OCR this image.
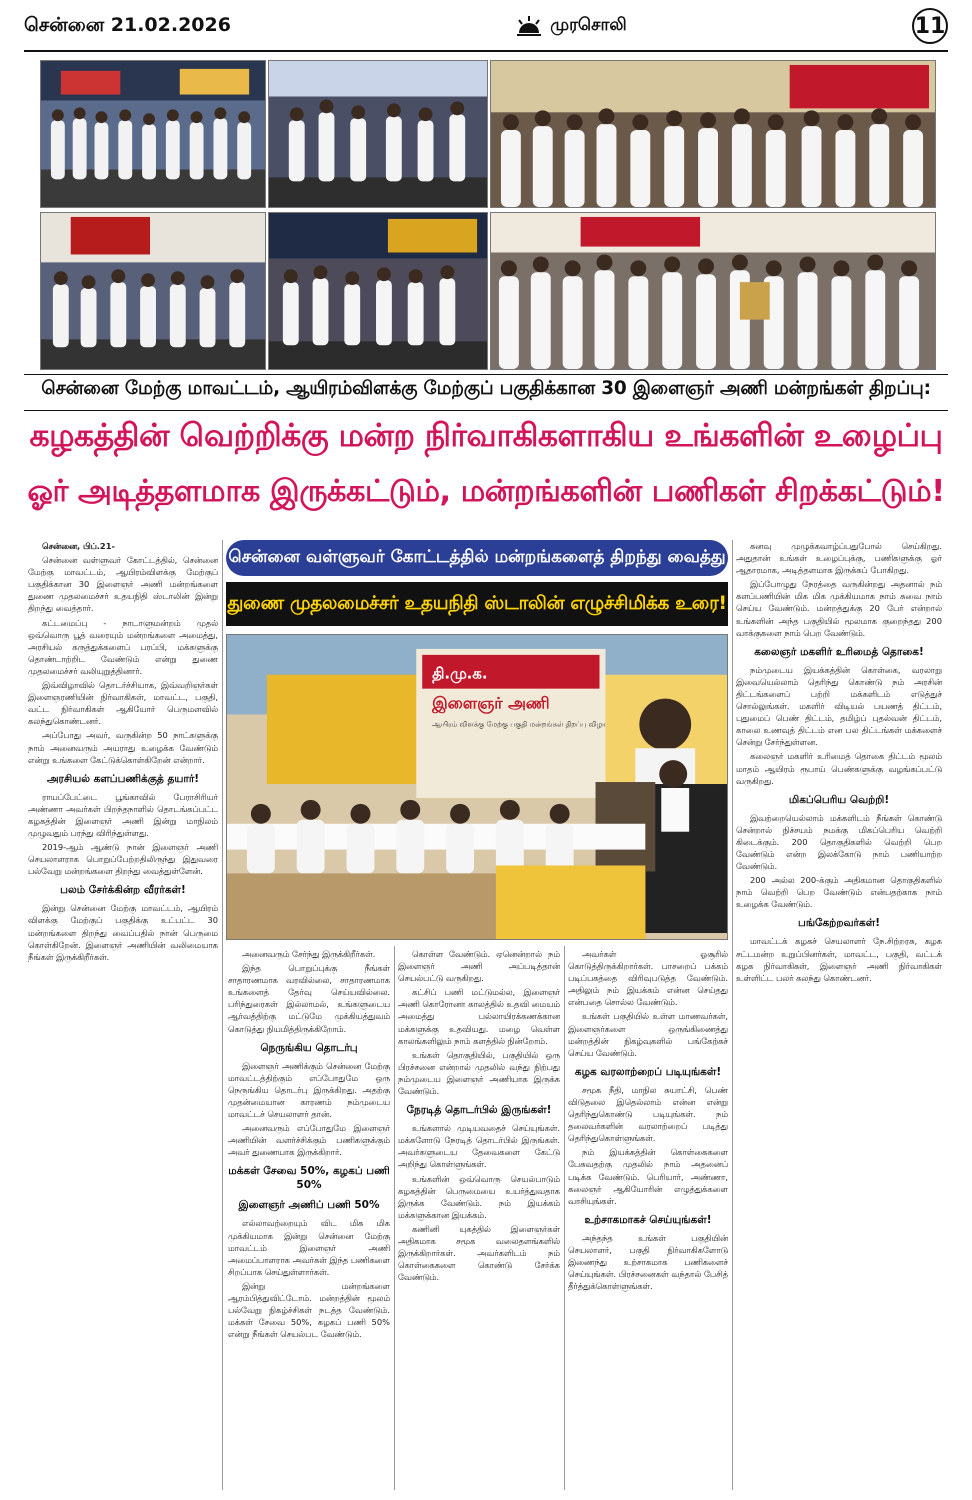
சென்னை 21.02.2026	முரசொலி	11
சென்னை மேற்கு மாவட்டம், ஆயிரம்விளக்கு மேற்குப் பகுதிக்கான 30 இளைஞர் அணி மன்றங்கள் திறப்பு:
கழகத்தின் வெற்றிக்கு மன்ற நிர்வாகிகளாகிய உங்களின் உழைப்பு
ஓர் அடித்தளமாக இருக்கட்டும், மன்றங்களின் பணிகள் சிறக்கட்டும்!
சென்னை வள்ளுவர் கோட்டத்தில் மன்றங்களைத் திறந்து வைத்து
துணை முதலமைச்சர் உதயநிதி ஸ்டாலின் எழுச்சிமிக்க உரை!
தி.மு.க.
இளைஞர் அணி
ஆயிரம் விளக்கு மேற்கு பகுதி மன்றங்கள் திறப்பு விழா

சென்னை, பிப்.21-

சென்னை வள்ளுவர் கோட்டத்தில், சென்னை மேற்கு மாவட்டம், ஆயிரம்விளக்கு மேற்குப் பகுதிக்கான 30 இளைஞர் அணி மன்றங்களை துணை முதலமைச்சர் உதயநிதி ஸ்டாலின் இன்று திறந்து வைத்தார்.

கட்டமைப்பு - நாடாளுமன்றம் முதல் ஒவ்வொரு பூத் வரையும் மன்றங்களை அமைத்து, அரசியல் கருத்துக்களைப் பரப்பி, மக்களுக்கு தொண்டாற்றிட வேண்டும் என்று துணை முதலமைச்சர் வலியுறுத்தினார்.

இவ்விழாவில் தொடர்ச்சியாக, இவ்வறிஞர்கள் இளைஞரணியின் நிர்வாகிகள், மாவட்ட, பகுதி, வட்ட நிர்வாகிகள் ஆகியோர் பெருமளவில் கலந்துகொண்டனர்.

அப்போது அவர், வருகின்ற 50 நாட்களுக்கு நாம் அனைவரும் அயராது உழைக்க வேண்டும் என்று உங்களை கேட்டுக்கொள்கிறேன் என்றார்.

அரசியல் களப்பணிக்குத் தயார்!

ராயப்பேட்டை பூங்காவில் பேராசிரியர் அண்ணா அவர்கள் பிறந்தநாளில் தொடங்கப்பட்ட கழகத்தின் இளைஞர் அணி இன்று மாநிலம் முழுவதும் பரந்து விரிந்துள்ளது.

2019-ஆம் ஆண்டு நான் இளைஞர் அணி செயலாளராக பொறுப்பேற்றதிலிருந்து இதுவரை பல்வேறு மன்றங்களை திறந்து வைத்துள்ளேன்.

பலம் சேர்க்கின்ற வீரர்கள்!

இன்று சென்னை மேற்கு மாவட்டம், ஆயிரம் விளக்கு மேற்குப் பகுதிக்கு உட்பட்ட 30 மன்றங்களை திறந்து வைப்பதில் நான் பெருமை கொள்கிறேன். இளைஞர் அணியின் வலிமையாக நீங்கள் இருக்கிறீர்கள்.	அனைவரும் சேர்ந்து இருக்கிறீர்கள்.

இந்த பொறுப்புக்கு நீங்கள் சாதாரணமாக வரவில்லை, சாதாரணமாக உங்களைத் தேர்வு செய்யவில்லை. பரிந்துரைகள் இல்லாமல், உங்களுடைய ஆர்வத்திற்கு மட்டுமே முக்கியத்துவம் கொடுத்து நியமித்திருக்கிறோம்.

நெருங்கிய தொடர்பு

இளைஞர் அணிக்கும் சென்னை மேற்கு மாவட்டத்திற்கும் எப்போதுமே ஒரு நெருங்கிய தொடர்பு இருக்கிறது. அதற்கு முதன்மையான காரணம் நம்முடைய மாவட்டச் செயலாளர் தான்.

அனைவரும் எப்போதுமே இளைஞர் அணியின் வளர்ச்சிக்கும் பணிகளுக்கும் அவர் துணையாக இருக்கிறார்.

மக்கள் சேவை 50%, கழகப் பணி 50%

இளைஞர் அணிப் பணி 50%

எல்லாவற்றையும் விட மிக மிக முக்கியமாக இன்று சென்னை மேற்கு மாவட்டம் இளைஞர் அணி அமைப்பாளராக அவர்கள் இந்த பணிகளை சிறப்பாக செய்துள்ளார்கள்.

இன்று மன்றங்களை ஆரம்பித்துவிட்டோம். மன்றத்தின் மூலம் பல்வேறு நிகழ்ச்சிகள் நடத்த வேண்டும். மக்கள் சேவை 50%, கழகப் பணி 50% என்று நீங்கள் செயல்பட வேண்டும்.

கொள்ள வேண்டும். ஏனென்றால் நம் இளைஞர் அணி அப்படித்தான் செயல்பட்டு வருகிறது.

கட்சிப் பணி மட்டுமல்ல, இளைஞர் அணி கொரோனா காலத்தில் உதவி மையம் அமைத்து பல்லாயிரக்கணக்கான மக்களுக்கு உதவியது. மழை வெள்ள காலங்களிலும் நாம் களத்தில் நின்றோம்.

உங்கள் தொகுதியில், பகுதியில் ஒரு பிரச்சனை என்றால் முதலில் வந்து நிற்பது நம்முடைய இளைஞர் அணியாக இருக்க வேண்டும்.

நேரடித் தொடர்பில் இருங்கள்!

உங்களால் முடியவதைச் செய்யுங்கள். மக்களோடு நேரடித் தொடர்பில் இருங்கள். அவர்களுடைய தேவைகளை கேட்டு அறிந்து கொள்ளுங்கள்.

உங்களின் ஒவ்வொரு செயல்பாடும் கழகத்தின் பெருமையை உயர்த்துவதாக இருக்க வேண்டும். நம் இயக்கம் மக்களுக்கான இயக்கம்.

கணினி யுகத்தில் இளைஞர்கள் அதிகமாக சமூக வலைதளங்களில் இருக்கிறார்கள். அவர்களிடம் நம் கொள்கைகளை கொண்டு சேர்க்க வேண்டும்.

அவர்கள் ஓசூரில் கொடுத்திருக்கிறார்கள். பாசறைப் பக்கம் படிப்பகத்தை விரிவுபடுத்த வேண்டும். அதிலும் நம் இயக்கம் என்ன செய்தது என்பதை சொல்ல வேண்டும்.

உங்கள் பகுதியில் உள்ள மாணவர்கள், இளைஞர்களை ஒருங்கிணைத்து மன்றத்தின் நிகழ்வுகளில் பங்கேற்கச் செய்ய வேண்டும்.

கழக வரலாற்றைப் படியுங்கள்!

சமூக நீதி, மாநில சுயாட்சி, பெண் விடுதலை இதெல்லாம் என்ன என்று தெரிந்துகொண்டு படியுங்கள். நம் தலைவர்களின் வரலாற்றைப் படித்து தெரிந்துகொள்ளுங்கள்.

நம் இயக்கத்தின் கொள்கைகளை பேசுவதற்கு முதலில் நாம் அதனைப் படிக்க வேண்டும். பெரியார், அண்ணா, கலைஞர் ஆகியோரின் எழுத்துக்களை வாசியுங்கள்.

உற்சாகமாகச் செய்யுங்கள்!

அந்தந்த உங்கள் பகுதியின் செயலாளர், பகுதி நிர்வாகிகளோடு இணைந்து உற்சாகமாக பணிகளைச் செய்யுங்கள். பிரச்சனைகள் வந்தால் பேசித் தீர்த்துக்கொள்ளுங்கள்.

கனவு முழுக்கவாழ்ப்பதுபோல் செய்கிறது. அதுதான் உங்கள் உழைப்புக்கு, பணிகளுக்கு ஓர் ஆதாரமாக, அடித்தளமாக இருக்கப் போகிறது.

இப்போழுது நேரத்தை வருகின்றது அதனால் நம் களப்பணியின் மிக மிக முக்கியமாக நாம் சுவை நாம் செய்ய வேண்டும். மன்றத்துக்கு 20 பேர் என்றால் உங்களின் அந்த பகுதியில் மூலமாக குறைந்தது 200 வாக்குகளை நாம் பெற வேண்டும்.

கலைஞர் மகளிர் உரிமைத் தொகை!

நம்முடைய இயக்கத்தின் கொள்கை, வரலாறு இவையெல்லாம் தெரிந்து கொண்டு நம் அரசின் திட்டங்களைப் பற்றி மக்களிடம் எடுத்துச் சொல்லுங்கள். மகளிர் விடியல் பயணத் திட்டம், புதுமைப் பெண் திட்டம், தமிழ்ப் புதல்வன் திட்டம், காலை உணவுத் திட்டம் என பல திட்டங்கள் மக்களைச் சென்று சேர்ந்துள்ளன.

கலைஞர் மகளிர் உரிமைத் தொகை திட்டம் மூலம் மாதம் ஆயிரம் ரூபாய் பெண்களுக்கு வழங்கப்பட்டு வருகிறது.

மிகப்பெரிய வெற்றி!

இவற்றையெல்லாம் மக்களிடம் நீங்கள் கொண்டு சென்றால் நிச்சயம் நமக்கு மிகப்பெரிய வெற்றி கிடைக்கும். 200 தொகுதிகளில் வெற்றி பெற வேண்டும் என்ற இலக்கோடு நாம் பணியாற்ற வேண்டும்.

200 அல்ல 200-க்கும் அதிகமான தொகுதிகளில் நாம் வெற்றி பெற வேண்டும் என்பதற்காக நாம் உழைக்க வேண்டும்.

பங்கேற்றவர்கள்!

மாவட்டக் கழகச் செயலாளர் நே.சிற்றரசு, கழக சட்டமன்ற உறுப்பினர்கள், மாவட்ட, பகுதி, வட்டக் கழக நிர்வாகிகள், இளைஞர் அணி நிர்வாகிகள் உள்ளிட்ட பலர் கலந்து கொண்டனர்.
